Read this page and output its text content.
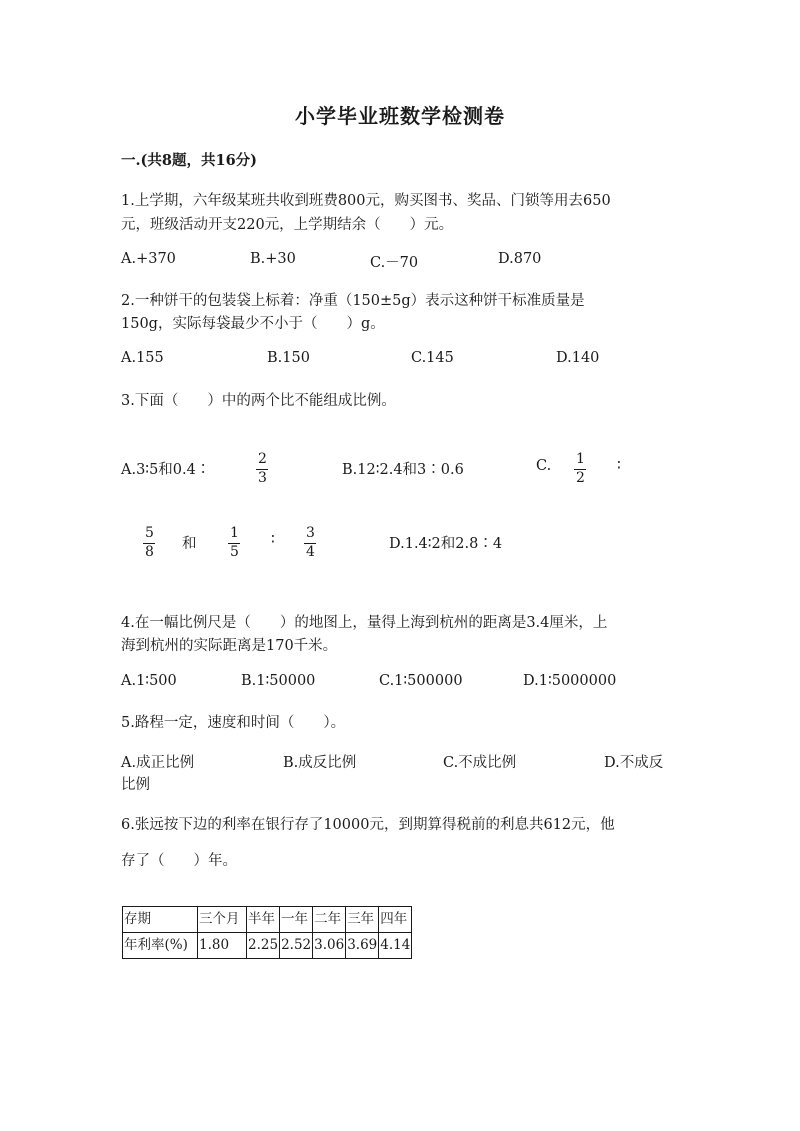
小学毕业班数学检测卷
一.(共8题，共16分)
1.上学期，六年级某班共收到班费800元，购买图书、奖品、门锁等用去650
元，班级活动开支220元，上学期结余（　　）元。
A.+370	B.+30	C.－70	D.870
2.一种饼干的包装袋上标着：净重（150±5g）表示这种饼干标准质量是
150g，实际每袋最少不小于（　　）g。
A.155	B.150	C.145	D.140
3.下面（　　）中的两个比不能组成比例。
A.3∶5和0.4∶
2
3	B.12∶2.4和3∶0.6	C. 1
2
∶
5
8 和
1
5
∶ 3
4	D.1.4∶2和2.8∶4
4.在一幅比例尺是（　　）的地图上，量得上海到杭州的距离是3.4厘米，上
海到杭州的实际距离是170千米。
A.1∶500	B.1∶50000	C.1∶500000	D.1∶5000000
5.路程一定，速度和时间（　　）。
A.成正比例	B.成反比例	C.不成比例	D.不成反
比例
6.张远按下边的利率在银行存了10000元，到期算得税前的利息共612元，他
存了（　　）年。
存期	三个月	半年	一年	二年	三年	四年
年利率(%)	1.80	2.25	2.52	3.06	3.69	4.14
